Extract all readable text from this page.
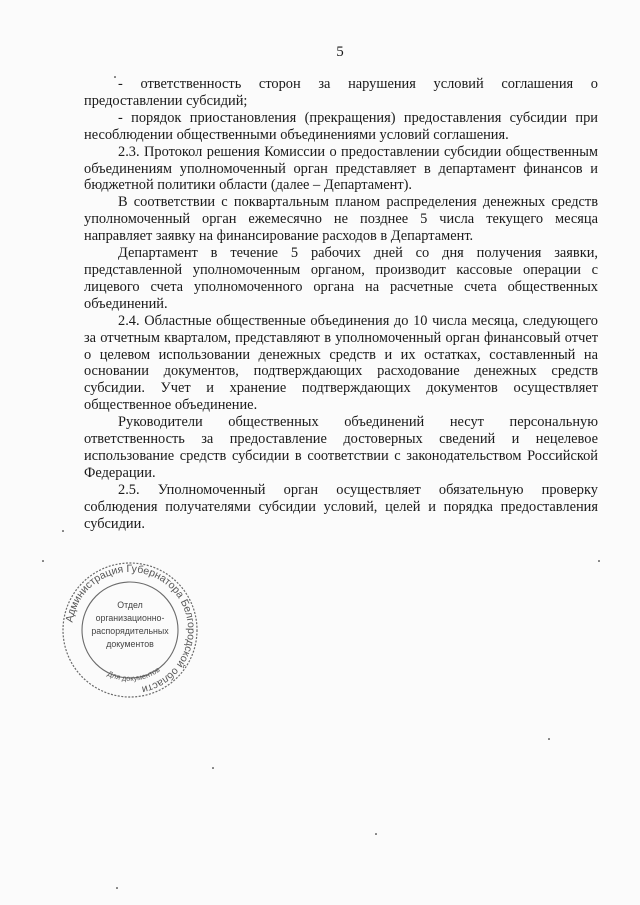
5

- ответственность сторон за нарушения условий соглашения о предоставлении субсидий;

- порядок приостановления (прекращения) предоставления субсидии при несоблюдении общественными объединениями условий соглашения.

2.3. Протокол решения Комиссии о предоставлении субсидии общественным объединениям уполномоченный орган представляет в департамент финансов и бюджетной политики области (далее – Департамент).

В соответствии с поквартальным планом распределения денежных средств уполномоченный орган ежемесячно не позднее 5 числа текущего месяца направляет заявку на финансирование расходов в Департамент.

Департамент в течение 5 рабочих дней со дня получения заявки, представленной уполномоченным органом, производит кассовые операции с лицевого счета уполномоченного органа на расчетные счета общественных объединений.

2.4. Областные общественные объединения до 10 числа месяца, следующего за отчетным кварталом, представляют в уполномоченный орган финансовый отчет о целевом использовании денежных средств и их остатках, составленный на основании документов, подтверждающих расходование денежных средств субсидии. Учет и хранение подтверждающих документов осуществляет общественное объединение.

Руководители общественных объединений несут персональную ответственность за предоставление достоверных сведений и нецелевое использование средств субсидии в соответствии с законодательством Российской Федерации.

2.5. Уполномоченный орган осуществляет обязательную проверку соблюдения получателями субсидии условий, целей и порядка предоставления субсидии.

Администрация Губернатора Белгородской области
Отдел
организационно-
распорядительных
документов
Для документов
